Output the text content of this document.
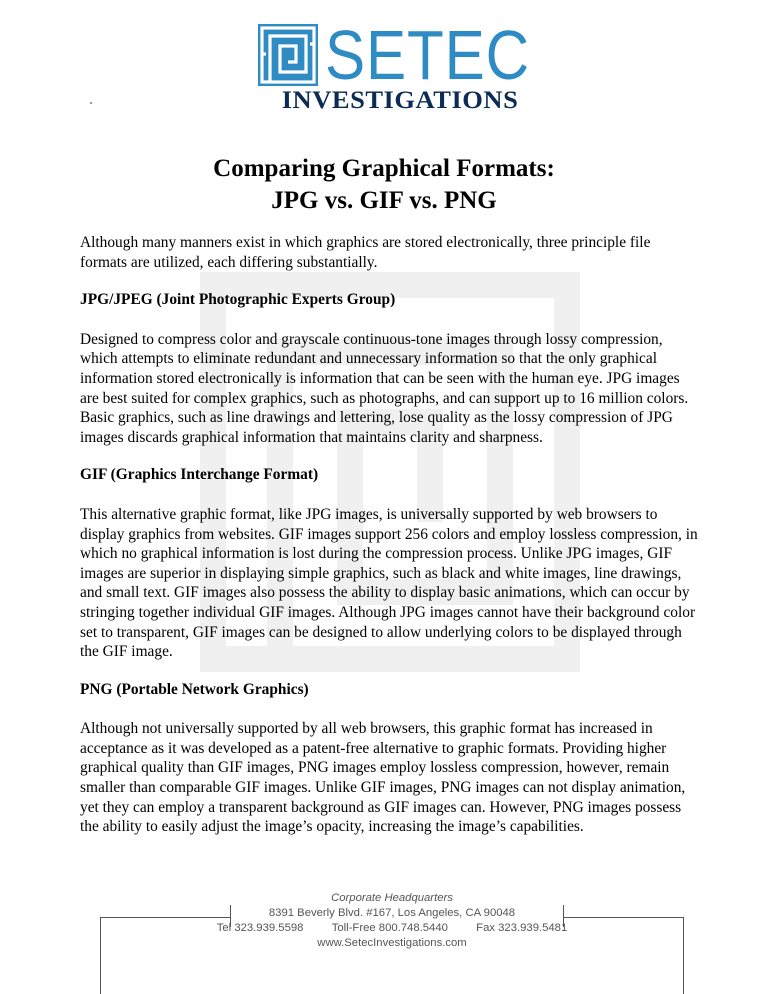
SETEC
INVESTIGATIONS
Comparing Graphical Formats:
JPG vs. GIF vs. PNG

Although many manners exist in which graphics are stored electronically, three principle file formats are utilized, each differing substantially.

JPG/JPEG (Joint Photographic Experts Group)

Designed to compress color and grayscale continuous-tone images through lossy compression, which attempts to eliminate redundant and unnecessary information so that the only graphical information stored electronically is information that can be seen with the human eye. JPG images are best suited for complex graphics, such as photographs, and can support up to 16 million colors. Basic graphics, such as line drawings and lettering, lose quality as the lossy compression of JPG images discards graphical information that maintains clarity and sharpness.

GIF (Graphics Interchange Format)

This alternative graphic format, like JPG images, is universally supported by web browsers to display graphics from websites. GIF images support 256 colors and employ lossless compression, in which no graphical information is lost during the compression process. Unlike JPG images, GIF images are superior in displaying simple graphics, such as black and white images, line drawings, and small text. GIF images also possess the ability to display basic animations, which can occur by stringing together individual GIF images. Although JPG images cannot have their background color set to transparent, GIF images can be designed to allow underlying colors to be displayed through the GIF image.

PNG (Portable Network Graphics)

Although not universally supported by all web browsers, this graphic format has increased in acceptance as it was developed as a patent-free alternative to graphic formats. Providing higher graphical quality than GIF images, PNG images employ lossless compression, however, remain smaller than comparable GIF images. Unlike GIF images, PNG images can not display animation, yet they can employ a transparent background as GIF images can. However, PNG images possess the ability to easily adjust the image’s opacity, increasing the image’s capabilities.

Corporate Headquarters
8391 Beverly Blvd. #167, Los Angeles, CA 90048
Tel 323.939.5598	Toll-Free 800.748.5440	Fax 323.939.5481
www.SetecInvestigations.com
